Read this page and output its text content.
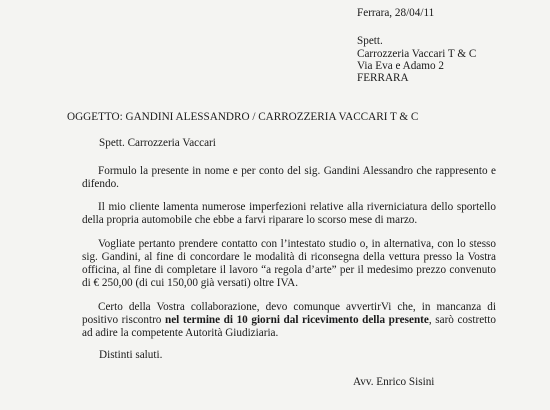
Ferrara, 28/04/11
Spett.
Carrozzeria Vaccari T & C
Via Eva e Adamo 2
FERRARA
OGGETTO: GANDINI ALESSANDRO / CARROZZERIA VACCARI T & C
Spett. Carrozzeria Vaccari
Formulo la presente in nome e per conto del sig. Gandini Alessandro che rappresento e difendo.
Il mio cliente lamenta numerose imperfezioni relative alla riverniciatura dello sportello della propria automobile che ebbe a farvi riparare lo scorso mese di marzo.
Vogliate pertanto prendere contatto con l’intestato studio o, in alternativa, con lo stesso sig. Gandini, al fine di concordare le modalità di riconsegna della vettura presso la Vostra officina, al fine di completare il lavoro “a regola d’arte” per il medesimo prezzo convenuto di € 250,00 (di cui 150,00 già versati) oltre IVA.
Certo della Vostra collaborazione, devo comunque avvertirVi che, in mancanza di positivo riscontro nel termine di 10 giorni dal ricevimento della presente, sarò costretto ad adire la competente Autorità Giudiziaria.
Distinti saluti.
Avv. Enrico Sisini
